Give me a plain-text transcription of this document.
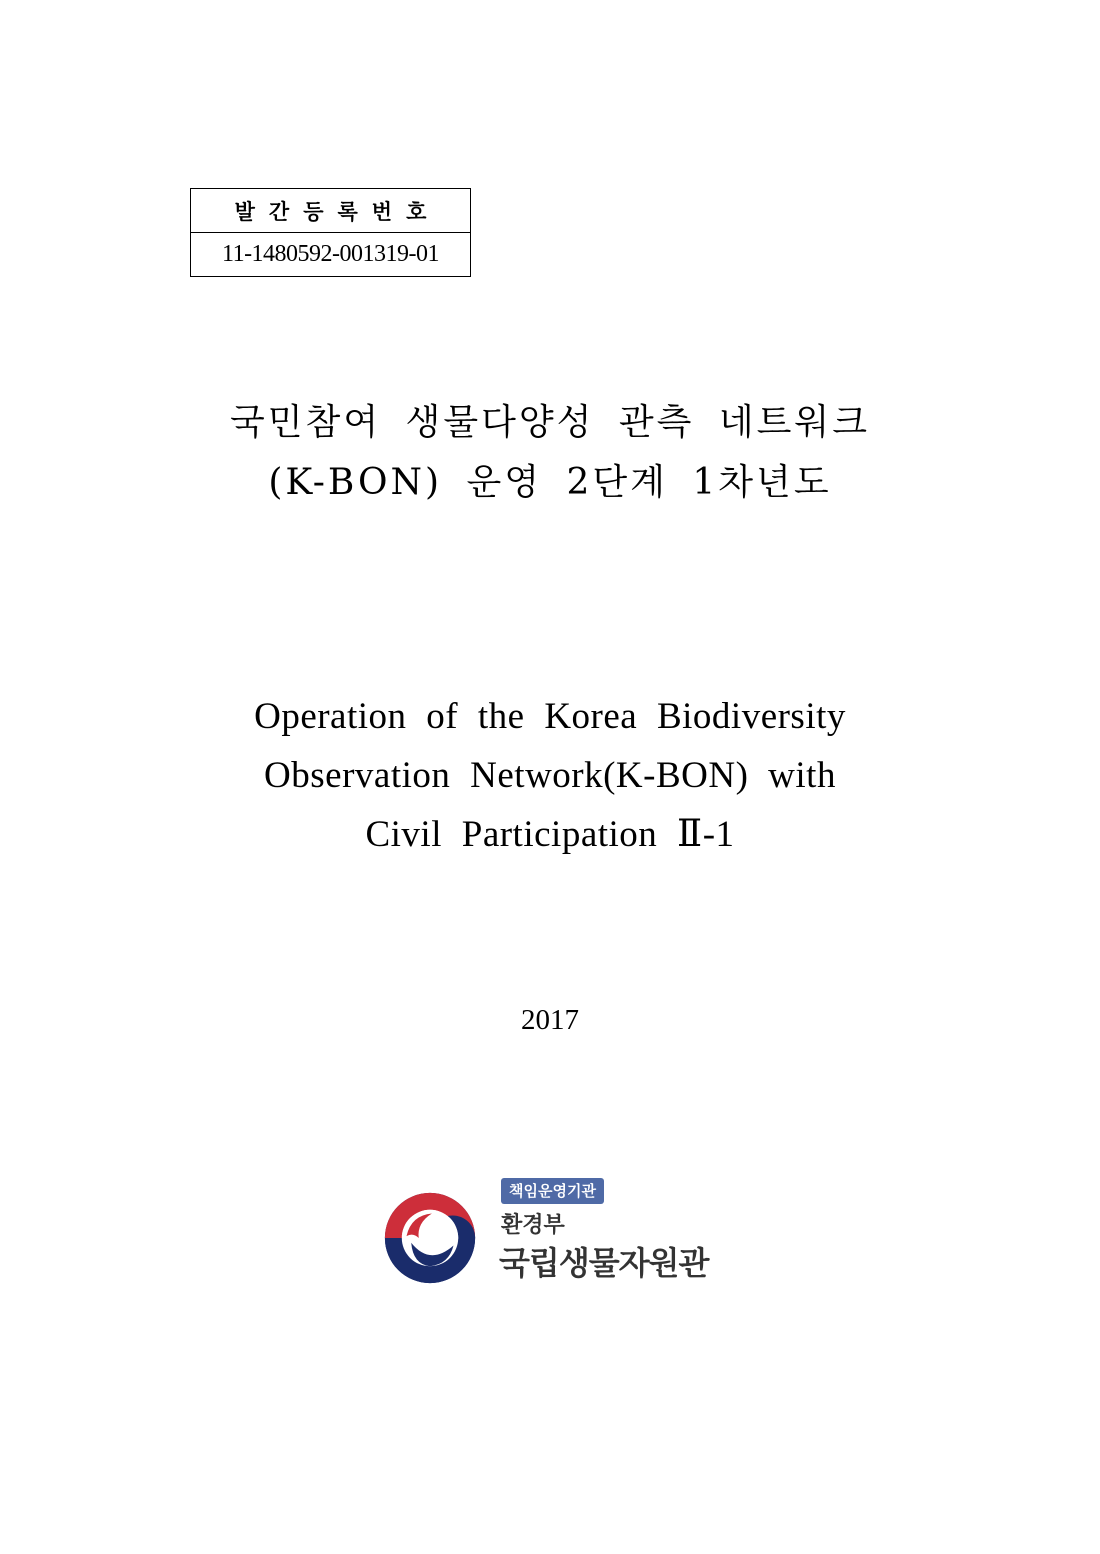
발간등록번호
11-1480592-001319-01
국민참여 생물다양성 관측 네트워크
(K-BON) 운영 2단계 1차년도
Operation of the Korea Biodiversity
Observation Network(K-BON) with
Civil Participation Ⅱ-1
2017
책임운영기관
환경부
국립생물자원관
